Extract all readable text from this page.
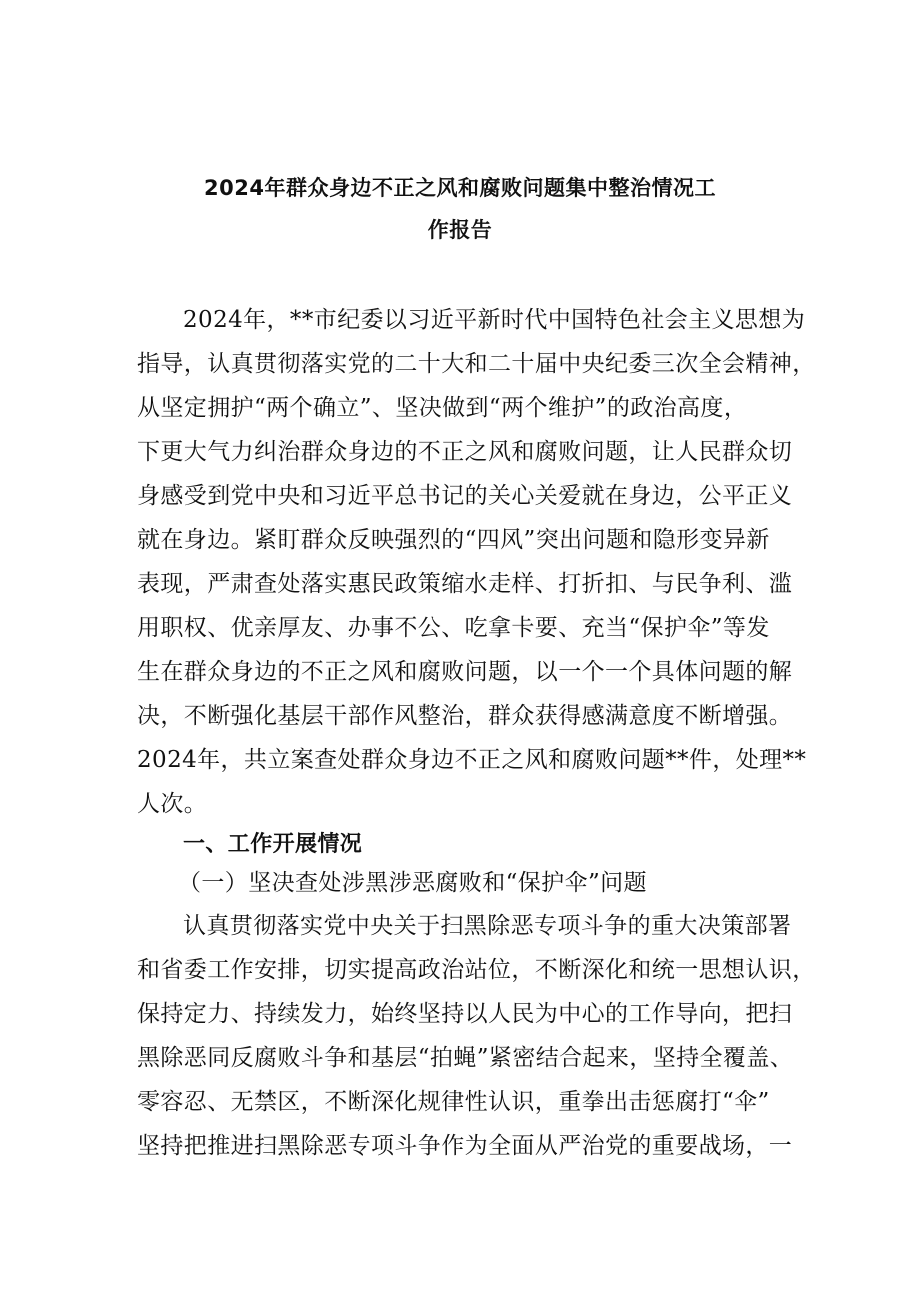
2024年群众身边不正之风和腐败问题集中整治情况工
作报告
2024年，**市纪委以习近平新时代中国特色社会主义思想为
指导，认真贯彻落实党的二十大和二十届中央纪委三次全会精神，
从坚定拥护“两个确立”、坚决做到“两个维护”的政治高度，
下更大气力纠治群众身边的不正之风和腐败问题，让人民群众切
身感受到党中央和习近平总书记的关心关爱就在身边，公平正义
就在身边。紧盯群众反映强烈的“四风”突出问题和隐形变异新
表现，严肃查处落实惠民政策缩水走样、打折扣、与民争利、滥
用职权、优亲厚友、办事不公、吃拿卡要、充当“保护伞”等发
生在群众身边的不正之风和腐败问题，以一个一个具体问题的解
决，不断强化基层干部作风整治，群众获得感满意度不断增强。
2024年，共立案查处群众身边不正之风和腐败问题**件，处理**
人次。
一、工作开展情况
（一）坚决查处涉黑涉恶腐败和“保护伞”问题
认真贯彻落实党中央关于扫黑除恶专项斗争的重大决策部署
和省委工作安排，切实提高政治站位，不断深化和统一思想认识，
保持定力、持续发力，始终坚持以人民为中心的工作导向，把扫
黑除恶同反腐败斗争和基层“拍蝇”紧密结合起来，坚持全覆盖、
零容忍、无禁区，不断深化规律性认识，重拳出击惩腐打“伞”
坚持把推进扫黑除恶专项斗争作为全面从严治党的重要战场，一
